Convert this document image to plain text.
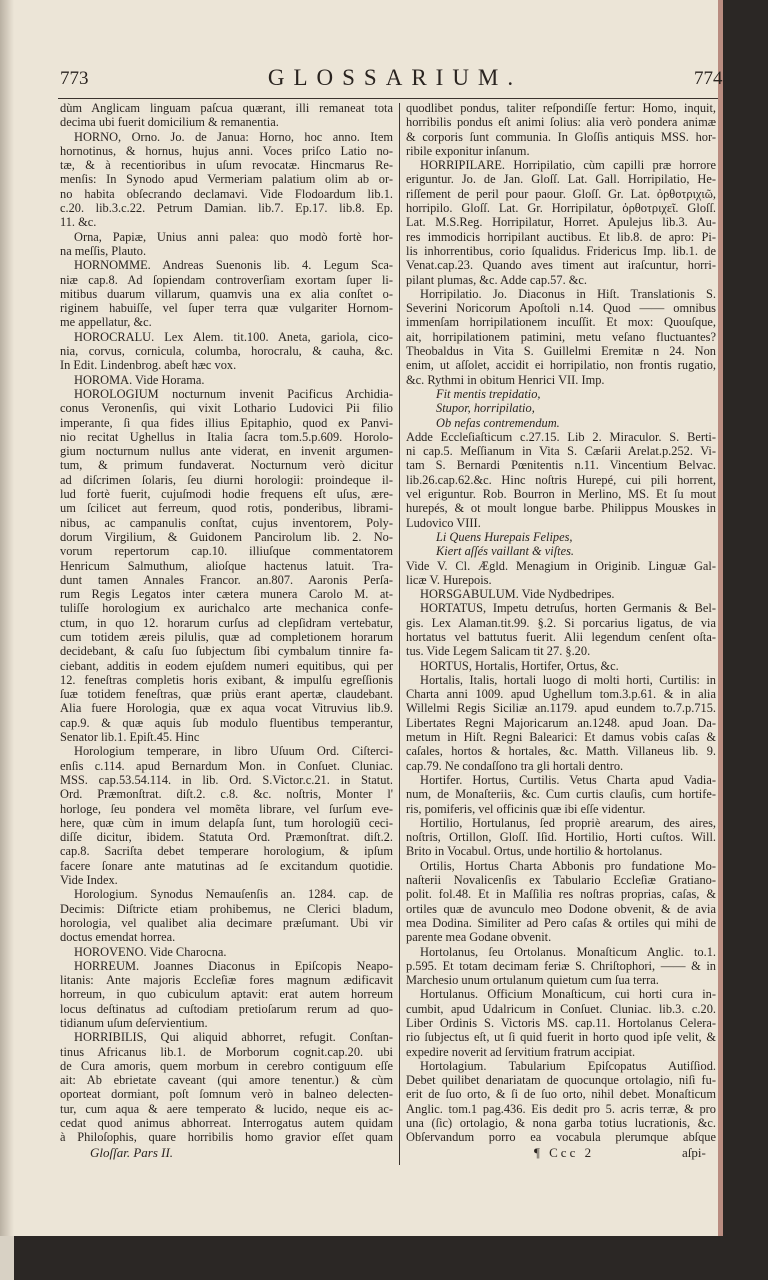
773	GLOSSARIUM.	774
dùm Anglicam linguam paſcua quærant, illi remaneat tota
decima ubi fuerit domicilium & remanentia.
HORNO, Orno. Jo. de Janua: Horno, hoc anno. Item
hornotinus, & hornus, hujus anni. Voces priſco Latio no-
tæ, & à recentioribus in uſum revocatæ. Hincmarus Re-
menſis: In Synodo apud Vermeriam palatium olim ab or-
no habita obſecrando declamavi. Vide Flodoardum lib.1.
c.20. lib.3.c.22. Petrum Damian. lib.7. Ep.17. lib.8. Ep.
11. &c.
Orna, Papiæ, Unius anni palea: quo modò fortè hor-
na meſſis, Plauto.
HORNOMME. Andreas Suenonis lib. 4. Legum Sca-
niæ cap.8. Ad ſopiendam controverſiam exortam ſuper li-
mitibus duarum villarum, quamvis una ex alia conſtet o-
riginem habuiſſe, vel ſuper terra quæ vulgariter Hornom-
me appellatur, &c.
HOROCRALU. Lex Alem. tit.100. Aneta, gariola, cico-
nia, corvus, cornicula, columba, horocralu, & cauha, &c.
In Edit. Lindenbrog. abeſt hæc vox.
HOROMA. Vide Horama.
HOROLOGIUM nocturnum invenit Pacificus Archidia-
conus Veronenſis, qui vixit Lothario Ludovici Pii filio
imperante, ſi qua fides illius Epitaphio, quod ex Panvi-
nio recitat Ughellus in Italia ſacra tom.5.p.609. Horolo-
gium nocturnum nullus ante viderat, en invenit argumen-
tum, & primum fundaverat. Nocturnum verò dicitur
ad diſcrimen ſolaris, ſeu diurni horologii: proindeque il-
lud fortè fuerit, cujuſmodi hodie frequens eſt uſus, ære-
um ſcilicet aut ferreum, quod rotis, ponderibus, librami-
nibus, ac campanulis conſtat, cujus inventorem, Poly-
dorum Virgilium, & Guidonem Pancirolum lib. 2. No-
vorum repertorum cap.10. illiuſque commentatorem
Henricum Salmuthum, alioſque hactenus latuit. Tra-
dunt tamen Annales Francor. an.807. Aaronis Perſa-
rum Regis Legatos inter cætera munera Carolo M. at-
tuliſſe horologium ex aurichalco arte mechanica confe-
ctum, in quo 12. horarum curſus ad clepſidram vertebatur,
cum totidem æreis pilulis, quæ ad completionem horarum
decidebant, & caſu ſuo ſubjectum ſibi cymbalum tinnire fa-
ciebant, additis in eodem ejuſdem numeri equitibus, qui per
12. feneſtras completis horis exibant, & impulſu egreſſionis
ſuæ totidem feneſtras, quæ priùs erant apertæ, claudebant.
Alia fuere Horologia, quæ ex aqua vocat Vitruvius lib.9.
cap.9. & quæ aquis ſub modulo fluentibus temperantur,
Senator lib.1. Epiſt.45. Hinc
Horologium temperare, in libro Uſuum Ord. Ciſterci-
enſis c.114. apud Bernardum Mon. in Conſuet. Cluniac.
MSS. cap.53.54.114. in lib. Ord. S.Victor.c.21. in Statut.
Ord. Præmonſtrat. diſt.2. c.8. &c. noſtris, Monter l'
horloge, ſeu pondera vel momẽta librare, vel ſurſum eve-
here, quæ cùm in imum delapſa ſunt, tum horologiũ ceci-
diſſe dicitur, ibidem. Statuta Ord. Præmonſtrat. diſt.2.
cap.8. Sacriſta debet temperare horologium, & ipſum
facere ſonare ante matutinas ad ſe excitandum quotidie.
Vide Index.
Horologium. Synodus Nemauſenſis an. 1284. cap. de
Decimis: Diſtricte etiam prohibemus, ne Clerici bladum,
horologia, vel qualibet alia decimare præſumant. Ubi vir
doctus emendat horrea.
HOROVENO. Vide Charocna.
HORREUM. Joannes Diaconus in Epiſcopis Neapo-
litanis: Ante majoris Eccleſiæ fores magnum ædificavit
horreum, in quo cubiculum aptavit: erat autem horreum
locus deſtinatus ad cuſtodiam pretioſarum rerum ad quo-
tidianum uſum deſervientium.
HORRIBILIS, Qui aliquid abhorret, refugit. Conſtan-
tinus Africanus lib.1. de Morborum cognit.cap.20. ubi
de Cura amoris, quem morbum in cerebro contiguum eſſe
ait: Ab ebrietate caveant (qui amore tenentur.) & cùm
oporteat dormiant, poſt ſomnum verò in balneo delecten-
tur, cum aqua & aere temperato & lucido, neque eis ac-
cedat quod animus abhorreat. Interrogatus autem quidam
à Philoſophis, quare horribilis homo gravior eſſet quam
quodlibet pondus, taliter reſpondiſſe fertur: Homo, inquit,
horribilis pondus eſt animi ſolius: alia verò pondera animæ
& corporis ſunt communia. In Gloſſis antiquis MSS. hor-
ribile exponitur inſanum.
HORRIPILARE. Horripilatio, cùm capilli præ horrore
eriguntur. Jo. de Jan. Gloſſ. Lat. Gall. Horripilatio, He-
riſſement de peril pour paour. Gloſſ. Gr. Lat. ὀρθοτριχιῶ,
horripilo. Gloſſ. Lat. Gr. Horripilatur, ὀρθοτριχεῖ. Gloſſ.
Lat. M.S.Reg. Horripilatur, Horret. Apulejus lib.3. Au-
res immodicis horripilant auctibus. Et lib.8. de apro: Pi-
lis inhorrentibus, corio ſqualidus. Fridericus Imp. lib.1. de
Venat.cap.23. Quando aves timent aut iraſcuntur, horri-
pilant plumas, &c. Adde cap.57. &c.
Horripilatio. Jo. Diaconus in Hiſt. Translationis S.
Severini Noricorum Apoſtoli n.14. Quod —— omnibus
immenſam horripilationem incuſſit. Et mox: Quouſque,
ait, horripilationem patimini, metu veſano fluctuantes?
Theobaldus in Vita S. Guillelmi Eremitæ n 24. Non
enim, ut aſſolet, accidit ei horripilatio, non frontis rugatio,
&c. Rythmi in obitum Henrici VII. Imp.
Fit mentis trepidatio,
Stupor, horripilatio,
Ob nefas contremendum.
Adde Eccleſiaſticum c.27.15. Lib 2. Miraculor. S. Berti-
ni cap.5. Meſſianum in Vita S. Cæſarii Arelat.p.252. Vi-
tam S. Bernardi Pœnitentis n.11. Vincentium Belvac.
lib.26.cap.62.&c. Hinc noſtris Hurepé, cui pili horrent,
vel eriguntur. Rob. Bourron in Merlino, MS. Et ſu mout
hurepés, & ot moult longue barbe. Philippus Mouskes in
Ludovico VIII.
Li Quens Hurepais Felipes,
Kiert aſſés vaillant & viſtes.
Vide V. Cl. Ægld. Menagium in Originib. Linguæ Gal-
licæ V. Hurepois.
HORSGABULUM. Vide Nydbedripes.
HORTATUS, Impetu detruſus, horten Germanis & Bel-
gis. Lex Alaman.tit.99. §.2. Si porcarius ligatus, de via
hortatus vel battutus fuerit. Alii legendum cenſent oſta-
tus. Vide Legem Salicam tit 27. §.20.
HORTUS, Hortalis, Hortifer, Ortus, &c.
Hortalis, Italis, hortali luogo di molti horti, Curtilis: in
Charta anni 1009. apud Ughellum tom.3.p.61. & in alia
Willelmi Regis Siciliæ an.1179. apud eundem to.7.p.715.
Libertates Regni Majoricarum an.1248. apud Joan. Da-
metum in Hiſt. Regni Balearici: Et damus vobis caſas &
caſales, hortos & hortales, &c. Matth. Villaneus lib. 9.
cap.79. Ne condaſſono tra gli hortali dentro.
Hortifer. Hortus, Curtilis. Vetus Charta apud Vadia-
num, de Monaſteriis, &c. Cum curtis clauſis, cum hortife-
ris, pomiferis, vel officinis quæ ibi eſſe videntur.
Hortilio, Hortulanus, ſed propriè arearum, des aires,
noſtris, Ortillon, Gloſſ. Iſid. Hortilio, Horti cuſtos. Will.
Brito in Vocabul. Ortus, unde hortilio & hortolanus.
Ortilis, Hortus Charta Abbonis pro fundatione Mo-
naſterii Novalicenſis ex Tabulario Eccleſiæ Gratiano-
polit. fol.48. Et in Maſſilia res noſtras proprias, caſas, &
ortiles quæ de avunculo meo Dodone obvenit, & de avia
mea Dodina. Similiter ad Pero caſas & ortiles qui mihi de
parente mea Godane obvenit.
Hortolanus, ſeu Ortolanus. Monaſticum Anglic. to.1.
p.595. Et totam decimam feriæ S. Chriſtophori, —— & in
Marchesio unum ortulanum quietum cum ſua terra.
Hortulanus. Officium Monaſticum, cui horti cura in-
cumbit, apud Udalricum in Conſuet. Cluniac. lib.3. c.20.
Liber Ordinis S. Victoris MS. cap.11. Hortolanus Celera-
rio ſubjectus eſt, ut ſi quid fuerit in horto quod ipſe velit, &
expedire noverit ad ſervitium fratrum accipiat.
Hortolagium. Tabularium Epiſcopatus Autiſſiod.
Debet quilibet denariatam de quocunque ortolagio, niſi fu-
erit de ſuo orto, & ſi de ſuo orto, nihil debet. Monaſticum
Anglic. tom.1 pag.436. Eis dedit pro 5. acris terræ, & pro
una (ſic) ortolagio, & nona garba totius lucrationis, &c.
Obſervandum porro ea vocabula plerumque abſque
Gloſſar. Pars II.	¶ Ccc 2	aſpi-
